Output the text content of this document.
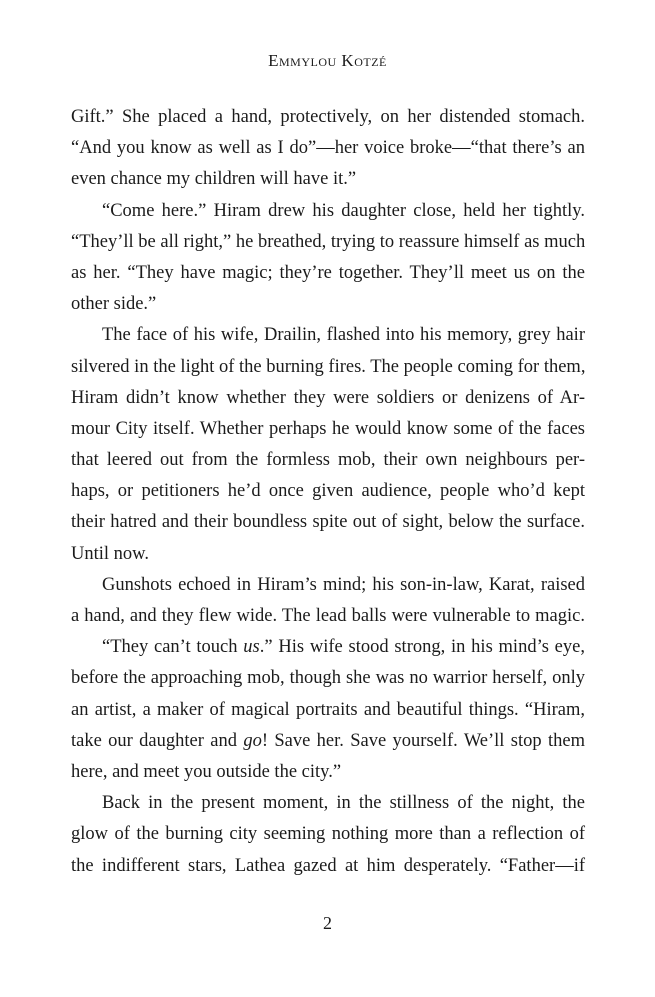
Emmylou Kotzé
Gift.” She placed a hand, protectively, on her distended stomach.
“And you know as well as I do”—her voice broke—“that there’s an
even chance my children will have it.”
“Come here.” Hiram drew his daughter close, held her tightly.
“They’ll be all right,” he breathed, trying to reassure himself as much
as her. “They have magic; they’re together. They’ll meet us on the
other side.”
The face of his wife, Drailin, flashed into his memory, grey hair
silvered in the light of the burning fires. The people coming for them,
Hiram didn’t know whether they were soldiers or denizens of Ar-
mour City itself. Whether perhaps he would know some of the faces
that leered out from the formless mob, their own neighbours per-
haps, or petitioners he’d once given audience, people who’d kept
their hatred and their boundless spite out of sight, below the surface.
Until now.
Gunshots echoed in Hiram’s mind; his son-in-law, Karat, raised
a hand, and they flew wide. The lead balls were vulnerable to magic.
“They can’t touch us.” His wife stood strong, in his mind’s eye,
before the approaching mob, though she was no warrior herself, only
an artist, a maker of magical portraits and beautiful things. “Hiram,
take our daughter and go! Save her. Save yourself. We’ll stop them
here, and meet you outside the city.”
Back in the present moment, in the stillness of the night, the
glow of the burning city seeming nothing more than a reflection of
the indifferent stars, Lathea gazed at him desperately. “Father—if
2
